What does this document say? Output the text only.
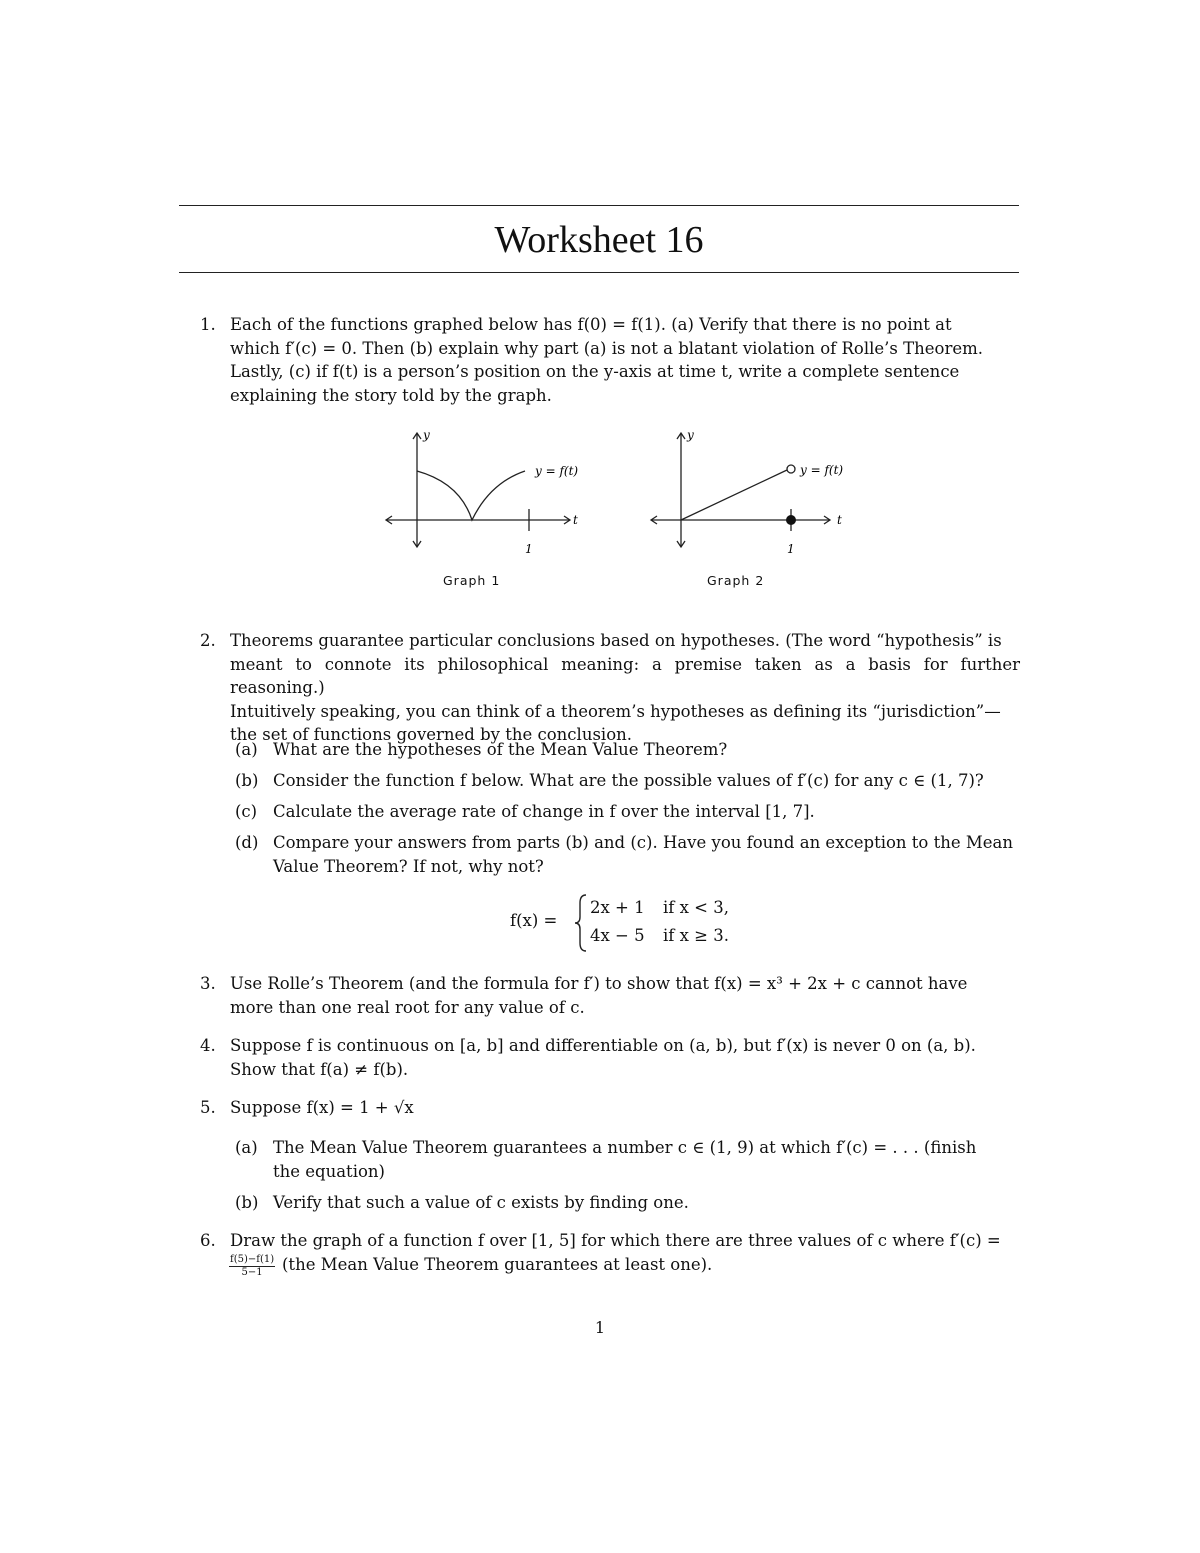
Worksheet 16
1. Each of the functions graphed below has f(0) = f(1). (a) Verify that there is no point at
which f′(c) = 0. Then (b) explain why part (a) is not a blatant violation of Rolle’s Theorem.
Lastly, (c) if f(t) is a person’s position on the y-axis at time t, write a complete sentence
explaining the story told by the graph.
y
t
1
y = f(t)
Graph 1
y
t
1
y = f(t)
Graph 2
2. Theorems guarantee particular conclusions based on hypotheses. (The word “hypothesis” is
meant to connote its philosophical meaning: a premise taken as a basis for further reasoning.)
Intuitively speaking, you can think of a theorem’s hypotheses as defining its “jurisdiction”—
the set of functions governed by the conclusion.
(a) What are the hypotheses of the Mean Value Theorem?
(b) Consider the function f below. What are the possible values of f′(c) for any c ∈ (1, 7)?
(c) Calculate the average rate of change in f over the interval [1, 7].
(d) Compare your answers from parts (b) and (c). Have you found an exception to the Mean
Value Theorem? If not, why not?
f(x) =
2x + 1 if x < 3,
4x − 5 if x ≥ 3.
3. Use Rolle’s Theorem (and the formula for f′) to show that f(x) = x³ + 2x + c cannot have
more than one real root for any value of c.
4. Suppose f is continuous on [a, b] and differentiable on (a, b), but f′(x) is never 0 on (a, b).
Show that f(a) ≠ f(b).
5. Suppose f(x) = 1 + √x
(a) The Mean Value Theorem guarantees a number c ∈ (1, 9) at which f′(c) = . . . (finish
the equation)
(b) Verify that such a value of c exists by finding one.
6. Draw the graph of a function f over [1, 5] for which there are three values of c where f′(c) =
(the Mean Value Theorem guarantees at least one).
$\frac{f(5)-f(1)}{5-1}$
1
